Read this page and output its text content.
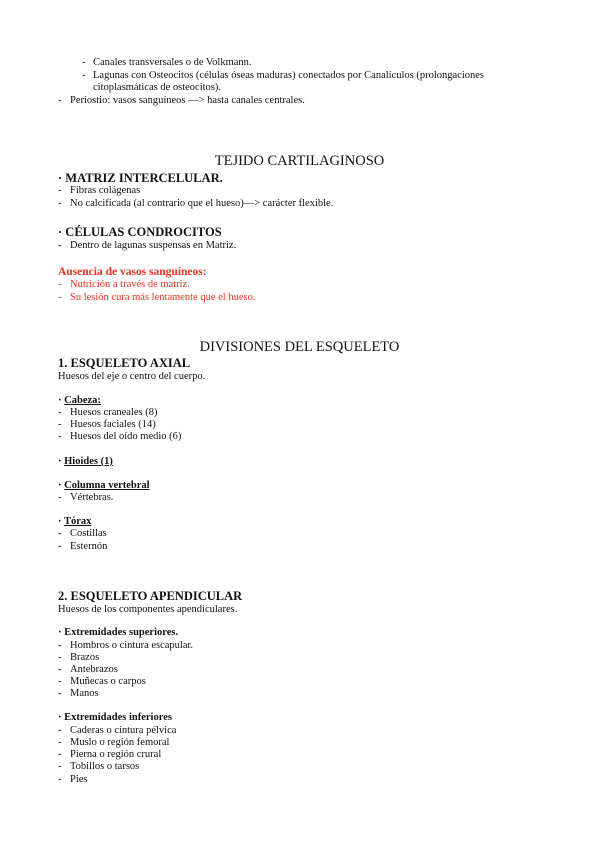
- Canales transversales o de Volkmann.
- Lagunas con Osteocitos (células óseas maduras) conectados por Canalículos (prolongaciones
citoplasmáticas de osteocitos).
- Periostio: vasos sanguíneos —> hasta canales centrales.
TEJIDO CARTILAGINOSO
· MATRIZ INTERCELULAR.
- Fibras colágenas
- No calcificada (al contrario que el hueso)—> carácter flexible.
· CÉLULAS CONDROCITOS
- Dentro de lagunas suspensas en Matriz.
Ausencia de vasos sanguíneos:
- Nutrición a través de matriz.
- Su lesión cura más lentamente que el hueso.
DIVISIONES DEL ESQUELETO
1. ESQUELETO AXIAL
Huesos del eje o centro del cuerpo.
· Cabeza:
- Huesos craneales (8)
- Huesos faciales (14)
- Huesos del oído medio (6)
· Hioides (1)
· Columna vertebral
- Vértebras.
· Tórax
- Costillas
- Esternón
2. ESQUELETO APENDICULAR
Huesos de los componentes apendiculares.
· Extremidades superiores.
- Hombros o cintura escapular.
- Brazos
- Antebrazos
- Muñecas o carpos
- Manos
· Extremidades inferiores
- Caderas o cintura pélvica
- Muslo o región femoral
- Pierna o región crural
- Tobillos o tarsos
- Pies
